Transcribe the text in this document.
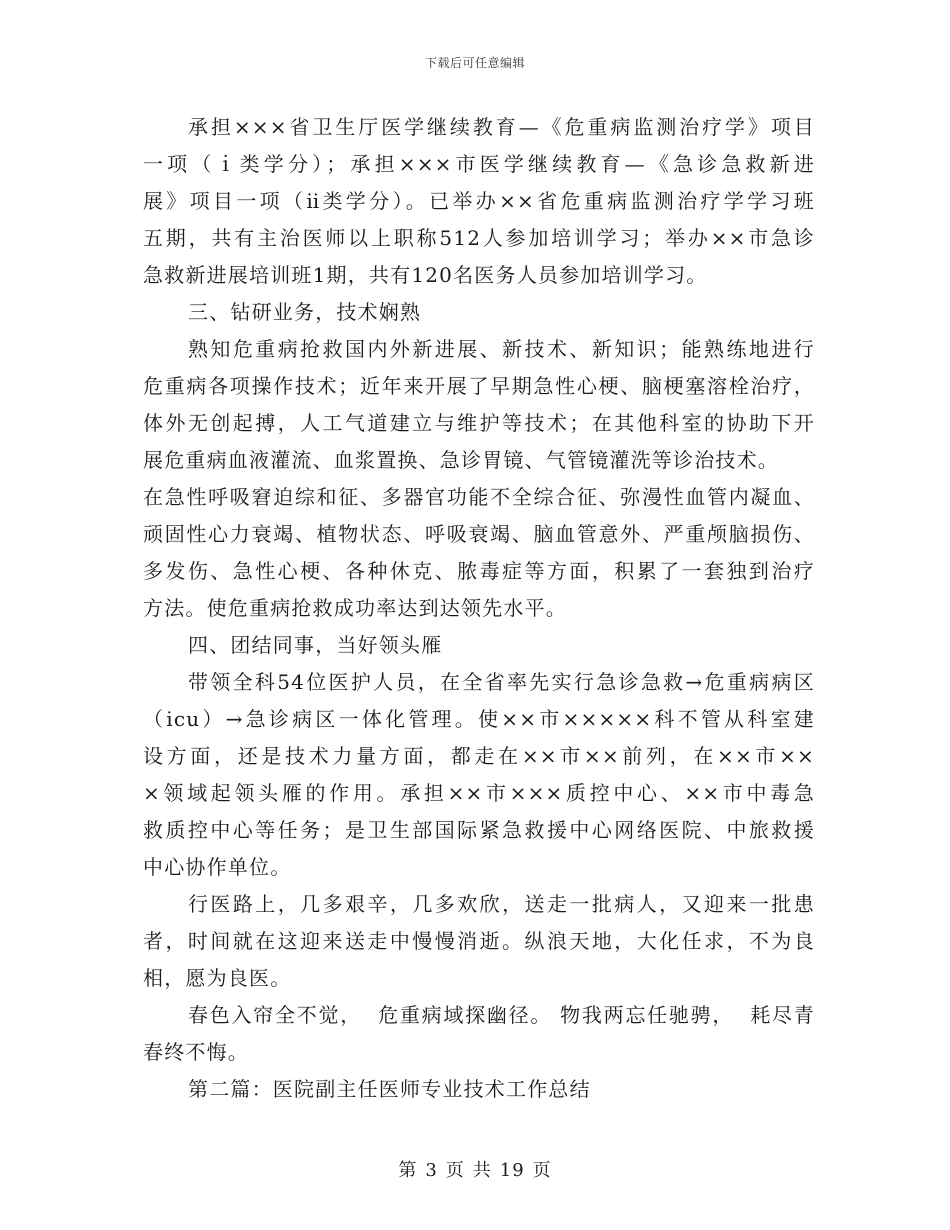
下载后可任意编辑
承担×××省卫生厅医学继续教育—《危重病监测治疗学》项目
一项（ｉ类学分）；承担×××市医学继续教育—《急诊急救新进
展》项目一项（ⅱ类学分）。已举办××省危重病监测治疗学学习班
五期，共有主治医师以上职称512人参加培训学习；举办××市急诊
急救新进展培训班1期，共有120名医务人员参加培训学习。
三、钻研业务，技术娴熟
熟知危重病抢救国内外新进展、新技术、新知识；能熟练地进行
危重病各项操作技术；近年来开展了早期急性心梗、脑梗塞溶栓治疗，
体外无创起搏，人工气道建立与维护等技术；在其他科室的协助下开
展危重病血液灌流、血浆置换、急诊胃镜、气管镜灌洗等诊治技术。
在急性呼吸窘迫综和征、多器官功能不全综合征、弥漫性血管内凝血、
顽固性心力衰竭、植物状态、呼吸衰竭、脑血管意外、严重颅脑损伤、
多发伤、急性心梗、各种休克、脓毒症等方面，积累了一套独到治疗
方法。使危重病抢救成功率达到达领先水平。
四、团结同事，当好领头雁
带领全科54位医护人员，在全省率先实行急诊急救→危重病病区
（icu）→急诊病区一体化管理。使××市×××××科不管从科室建
设方面，还是技术力量方面，都走在××市××前列，在××市××
×领域起领头雁的作用。承担××市×××质控中心、××市中毒急
救质控中心等任务；是卫生部国际紧急救援中心网络医院、中旅救援
中心协作单位。
行医路上，几多艰辛，几多欢欣，送走一批病人，又迎来一批患
者，时间就在这迎来送走中慢慢消逝。纵浪天地，大化任求，不为良
相，愿为良医。
春色入帘全不觉，  危重病域探幽径。 物我两忘任驰骋，  耗尽青
春终不悔。
第二篇：医院副主任医师专业技术工作总结
第 3 页 共 19 页
